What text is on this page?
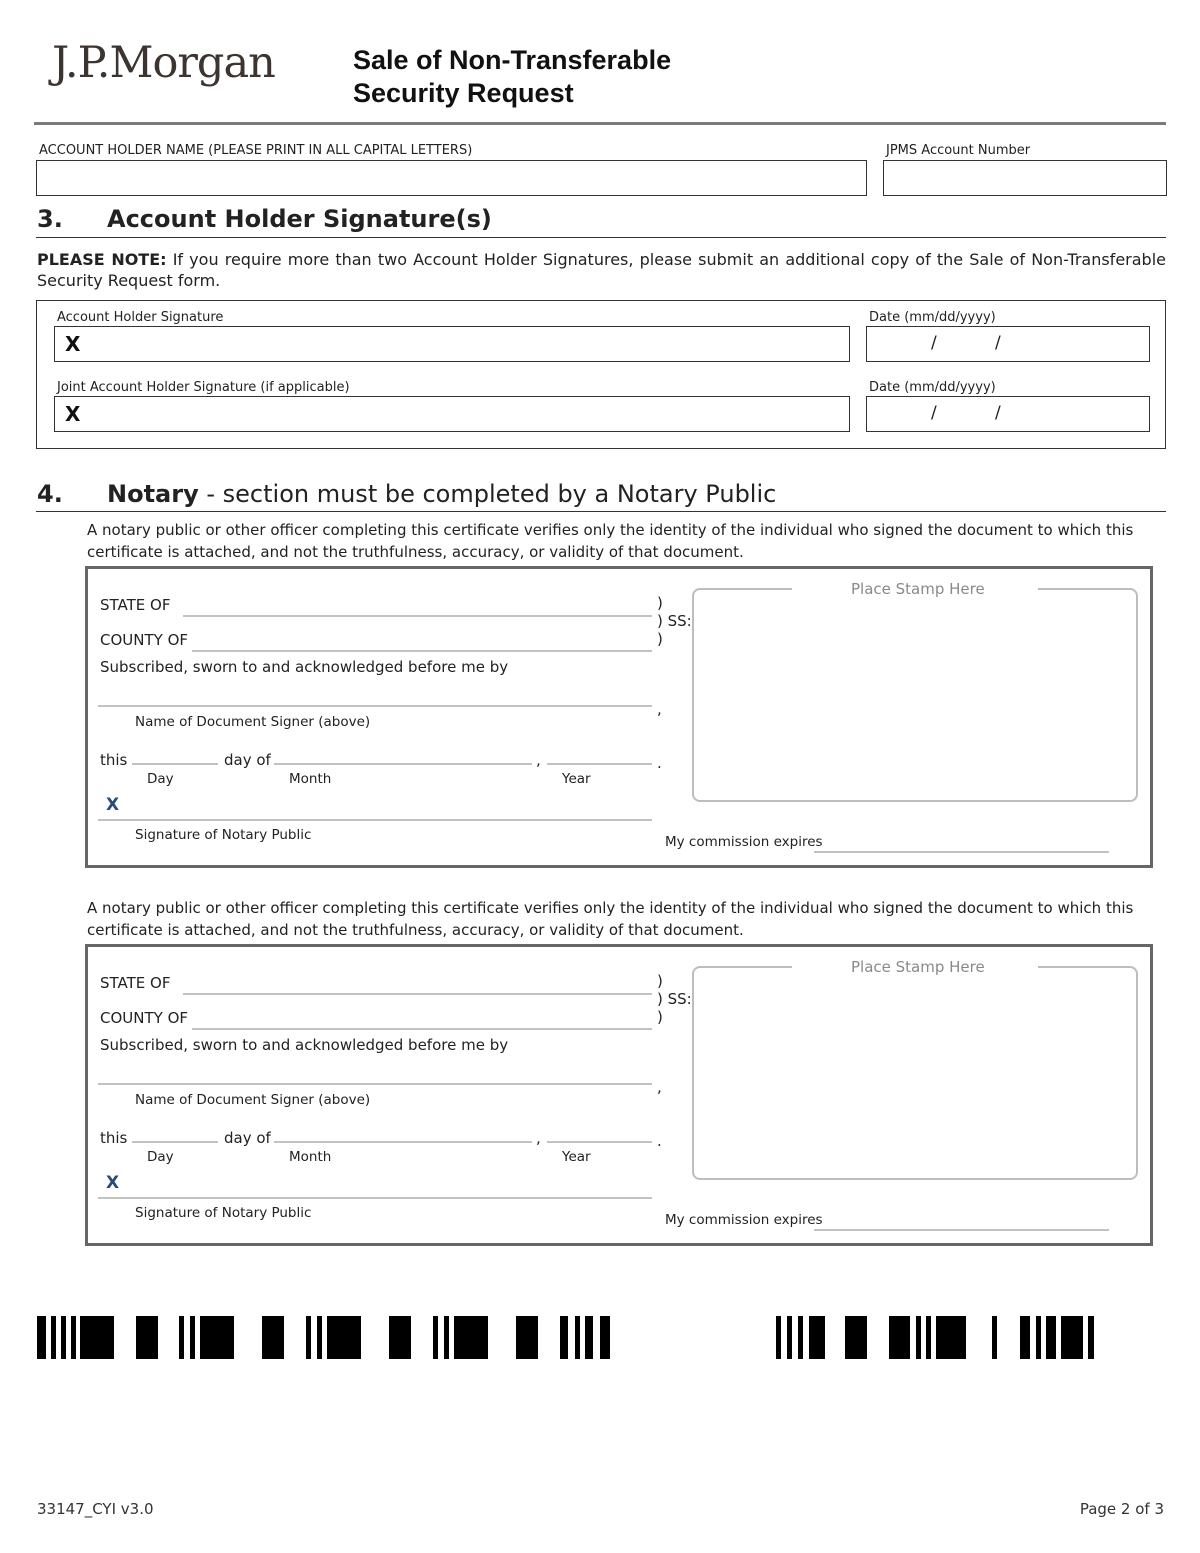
J.P.Morgan	Sale of Non-Transferable
Security Request
ACCOUNT HOLDER NAME (PLEASE PRINT IN ALL CAPITAL LETTERS)	JPMS Account Number
3. Account Holder Signature(s)
PLEASE NOTE: If you require more than two Account Holder Signatures, please submit an additional copy of the Sale of Non-Transferable Security Request form.
Account Holder Signature
X
Date (mm/dd/yyyy)
/	/
Joint Account Holder Signature (if applicable)
X
Date (mm/dd/yyyy)
/	/
4. Notary - section must be completed by a Notary Public
A notary public or other officer completing this certificate verifies only the identity of the individual who signed the document to which this certificate is attached, and not the truthfulness, accuracy, or validity of that document.
STATE OF
COUNTY OF
)
) SS:
)
Subscribed, sworn to and acknowledged before me by
,
Name of Document Signer (above)
this	day of	,	.
Day	Month	Year
X
Signature of Notary Public
Place Stamp Here
My commission expires
A notary public or other officer completing this certificate verifies only the identity of the individual who signed the document to which this certificate is attached, and not the truthfulness, accuracy, or validity of that document.
STATE OF
COUNTY OF
)
) SS:
)
Subscribed, sworn to and acknowledged before me by
,
Name of Document Signer (above)
this	day of	,	.
Day	Month	Year
X
Signature of Notary Public
Place Stamp Here
My commission expires
33147_CYI v3.0	Page 2 of 3
